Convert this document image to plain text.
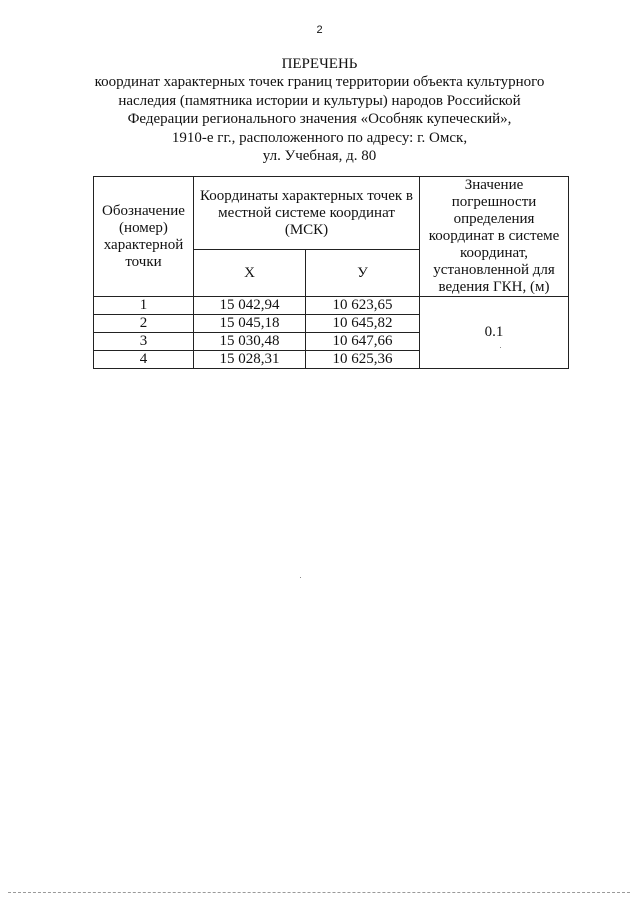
2
ПЕРЕЧЕНЬ
координат характерных точек границ территории объекта культурного
наследия (памятника истории и культуры) народов Российской
Федерации регионального значения «Особняк купеческий»,
1910-е гг., расположенного по адресу: г. Омск,
ул. Учебная, д. 80
Обозначение (номер) характерной точки	Координаты характерных точек в местной системе координат (МСК)		Значение погрешности определения координат в системе координат, установленной для ведения ГКН, (м)
	X	У	
1	15 042,94	10 623,65	0.1
2	15 045,18	10 645,82	
3	15 030,48	10 647,66	
4	15 028,31	10 625,36	
